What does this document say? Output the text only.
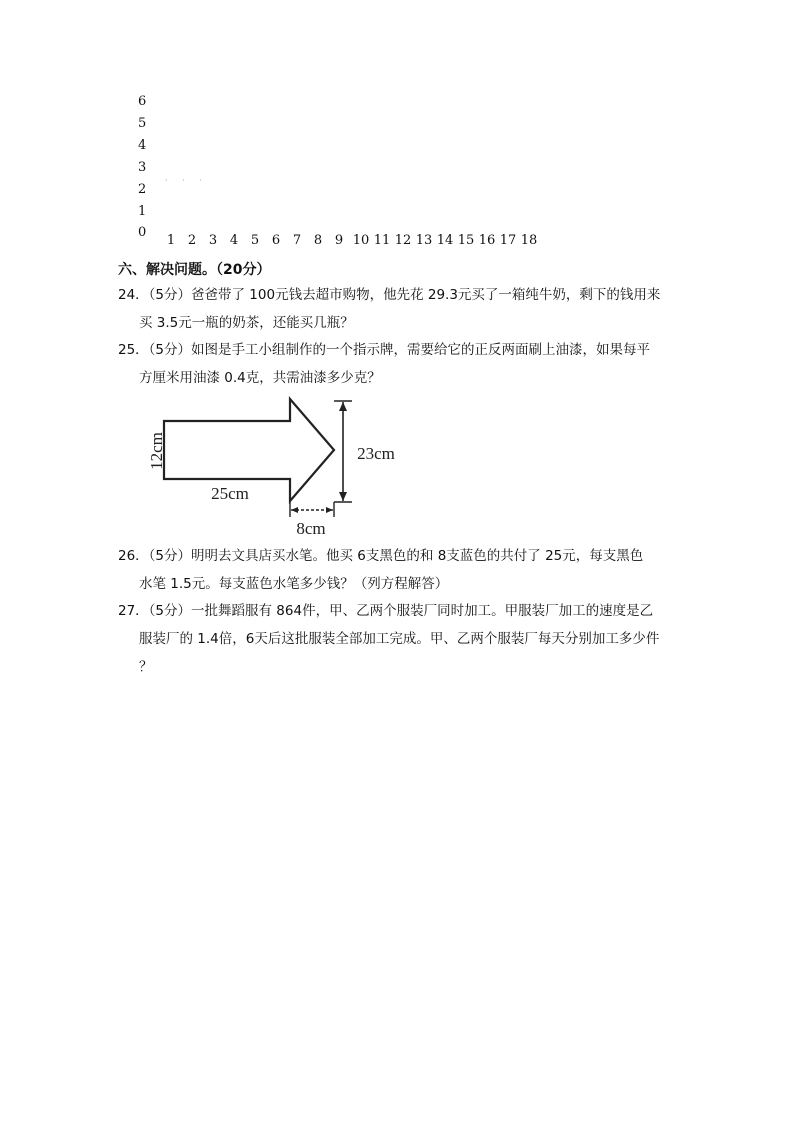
6
5
4
3
2
1
0
· · ·
1 2 3 4 5 6 7 8 9 10 11 12 13 14 15 16 17 18
六、解决问题。（20分）
24．（5分）爸爸带了 100元钱去超市购物，他先花 29.3元买了一箱纯牛奶，剩下的钱用来
买 3.5元一瓶的奶茶，还能买几瓶？
25．（5分）如图是手工小组制作的一个指示牌，需要给它的正反两面刷上油漆，如果每平
方厘米用油漆 0.4克，共需油漆多少克？
12cm
25cm
23cm
8cm
26．（5分）明明去文具店买水笔。他买 6支黑色的和 8支蓝色的共付了 25元，每支黑色
水笔 1.5元。每支蓝色水笔多少钱？（列方程解答）
27．（5分）一批舞蹈服有 864件，甲、乙两个服装厂同时加工。甲服装厂加工的速度是乙
服装厂的 1.4倍，6天后这批服装全部加工完成。甲、乙两个服装厂每天分别加工多少件
？
